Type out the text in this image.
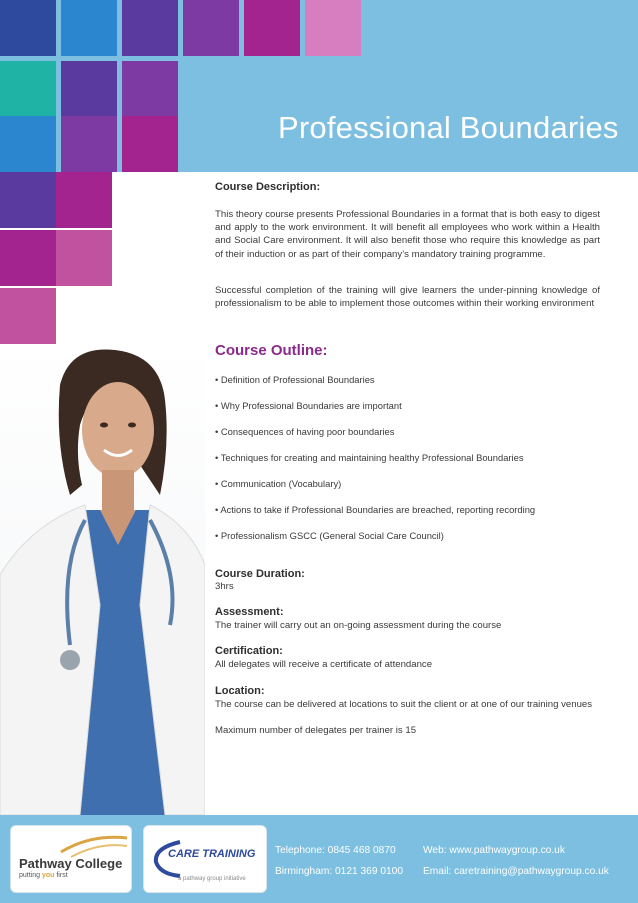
Professional Boundaries

Course Description:

This theory course presents Professional Boundaries in a format that is both easy to digest and apply to the work environment. It will benefit all employees who work within a Health and Social Care environment. It will also benefit those who require this knowledge as part of their induction or as part of their company’s mandatory training programme.

Successful completion of the training will give learners the under-pinning knowledge of professionalism to be able to implement those outcomes within their working environment

Course Outline:

• Definition of Professional Boundaries

• Why Professional Boundaries are important

• Consequences of having poor boundaries

• Techniques for creating and maintaining healthy Professional Boundaries

• Communication (Vocabulary)

• Actions to take if Professional Boundaries are breached, reporting recording

• Professionalism GSCC (General Social Care Council)

Course Duration:

3hrs

Assessment:

The trainer will carry out an on-going assessment during the course

Certification:

All delegates will receive a certificate of attendance

Location:

The course can be delivered at locations to suit the client or at one of our training venues

Maximum number of delegates per trainer is 15

Pathway College
putting you first
CARE TRAINING
a pathway group initiative
Telephone: 0845 468 0870
Birmingham: 0121 369 0100
Web: www.pathwaygroup.co.uk
Email: caretraining@pathwaygroup.co.uk
